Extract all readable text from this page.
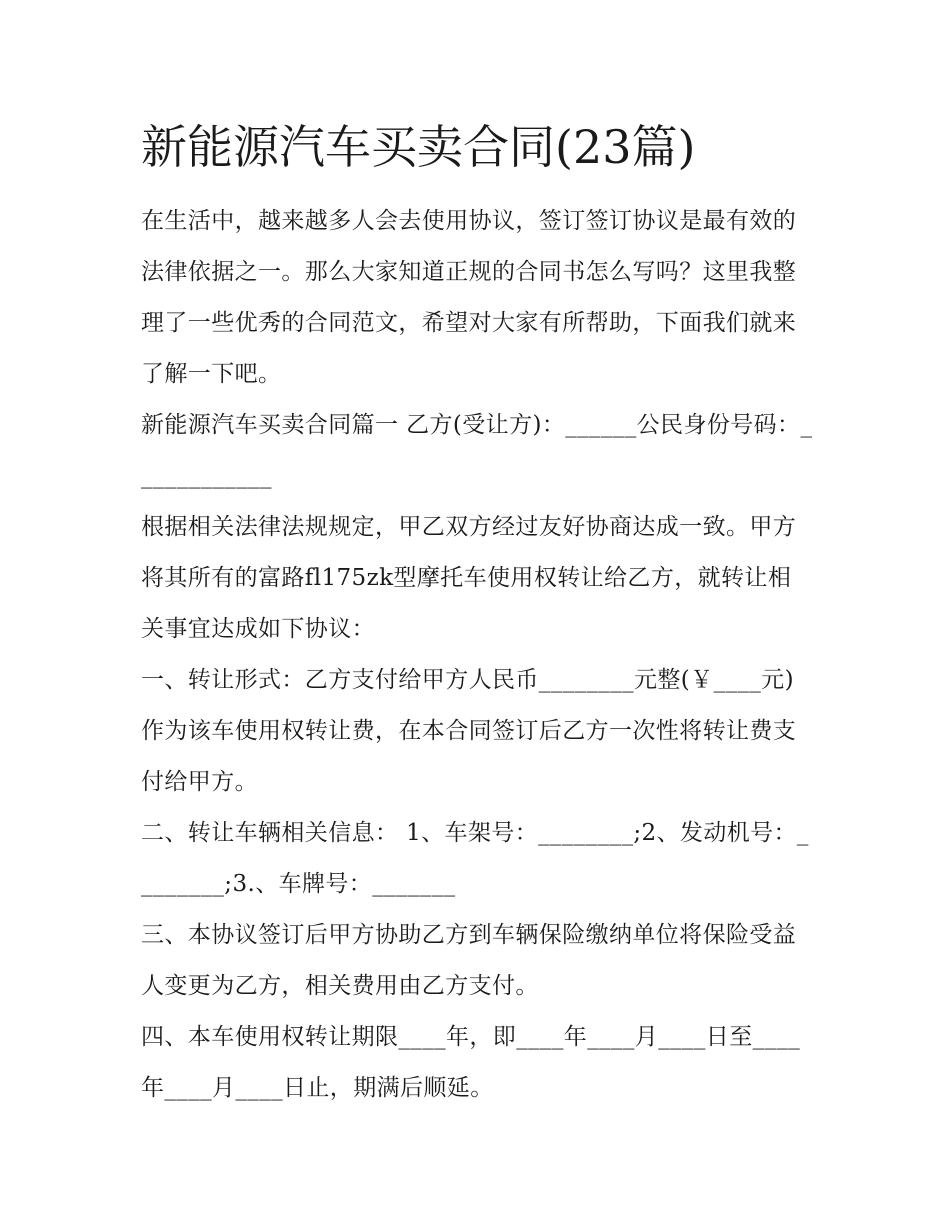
新能源汽车买卖合同(23篇)

在生活中，越来越多人会去使用协议，签订签订协议是最有效的法律依据之一。那么大家知道正规的合同书怎么写吗？这里我整理了一些优秀的合同范文，希望对大家有所帮助，下面我们就来了解一下吧。

新能源汽车买卖合同篇一 乙方(受让方)：______公民身份号码：____________

根据相关法律法规规定，甲乙双方经过友好协商达成一致。甲方将其所有的富路fl175zk型摩托车使用权转让给乙方，就转让相关事宜达成如下协议：

一、转让形式：乙方支付给甲方人民币________元整(￥____元)作为该车使用权转让费，在本合同签订后乙方一次性将转让费支付给甲方。

二、转让车辆相关信息： 1、车架号：________;2、发动机号：________;3.、车牌号：_______

三、本协议签订后甲方协助乙方到车辆保险缴纳单位将保险受益人变更为乙方，相关费用由乙方支付。

四、本车使用权转让期限____年，即____年____月____日至____年____月____日止，期满后顺延。
